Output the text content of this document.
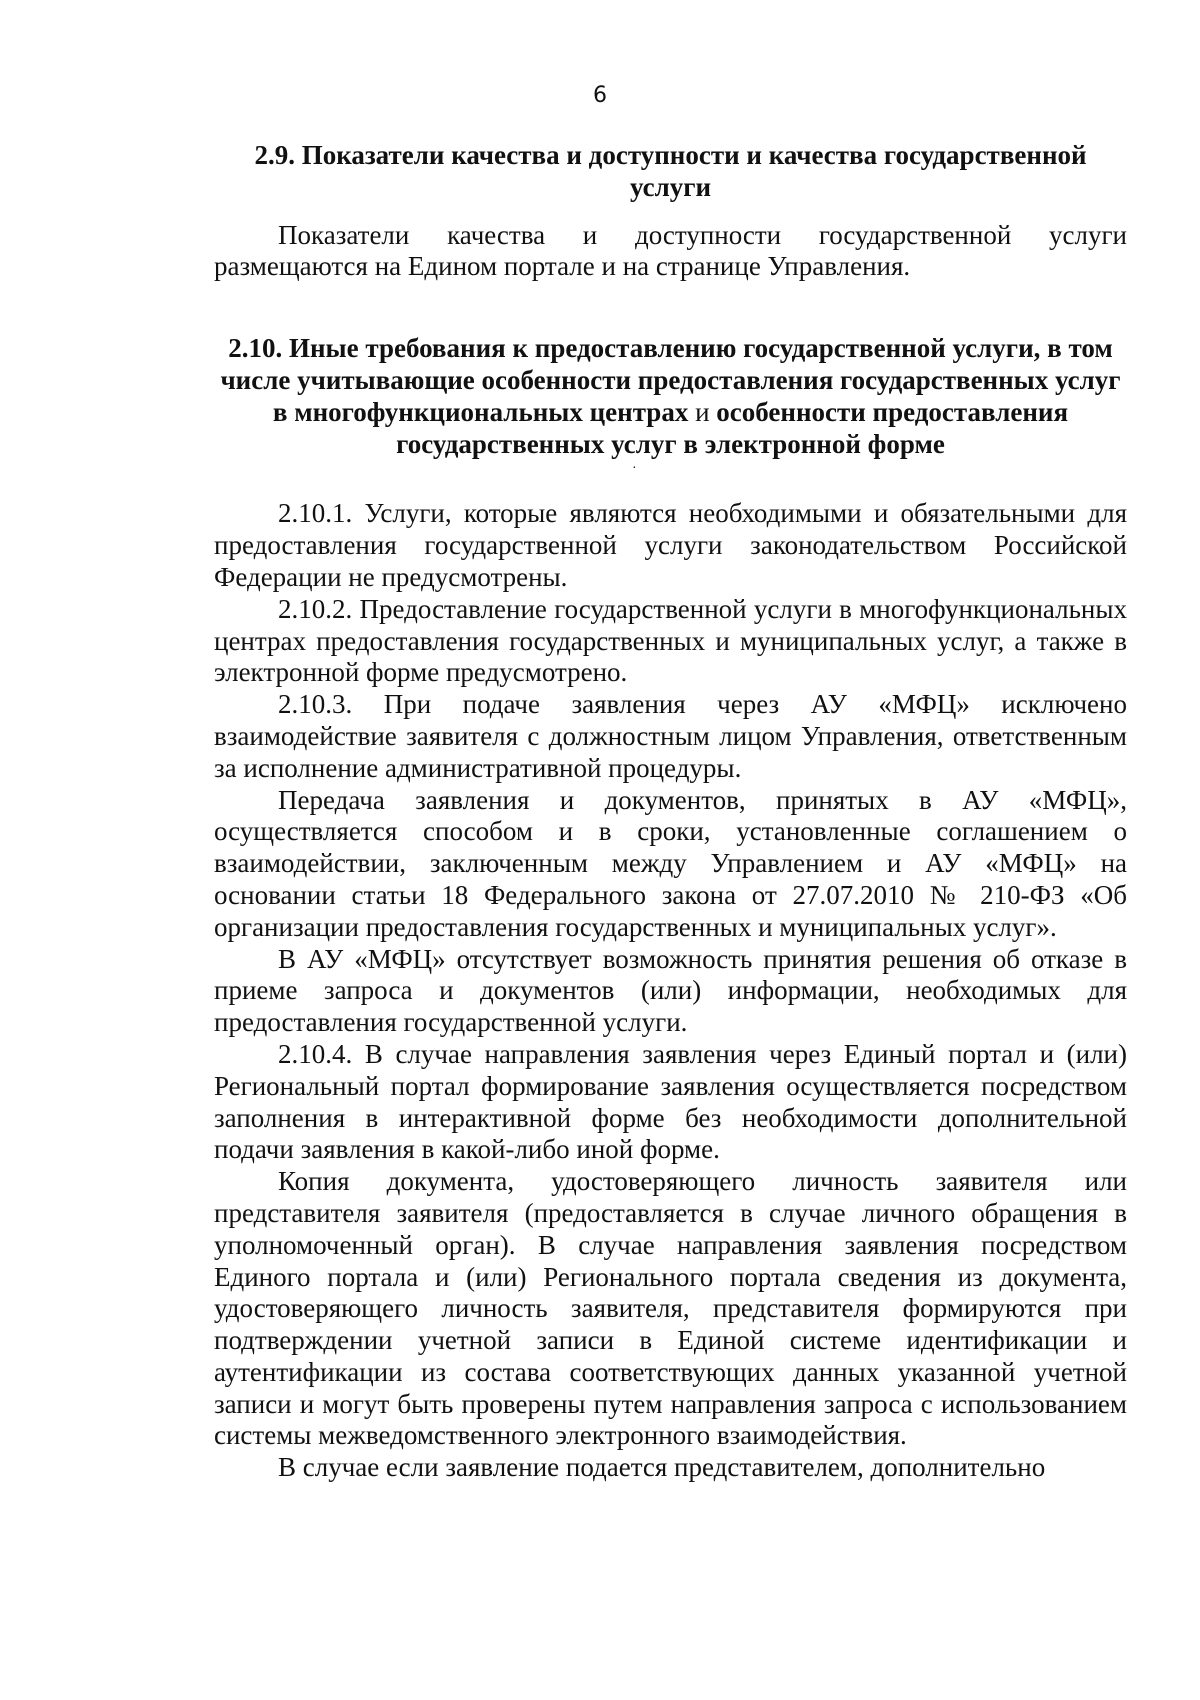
6
2.9. Показатели качества и доступности и качества государственной услуги

Показатели качества и доступности государственной услуги размещаются на Едином портале и на странице Управления.

2.10. Иные требования к предоставлению государственной услуги, в том числе учитывающие особенности предоставления государственных услуг в многофункциональных центрах и особенности предоставления государственных услуг в электронной форме
·

2.10.1. Услуги, которые являются необходимыми и обязательными для предоставления государственной услуги законодательством Российской Федерации не предусмотрены.

2.10.2. Предоставление государственной услуги в многофункциональных центрах предоставления государственных и муниципальных услуг, а также в электронной форме предусмотрено.

2.10.3. При подаче заявления через АУ «МФЦ» исключено взаимодействие заявителя с должностным лицом Управления, ответственным за исполнение административной процедуры.

Передача заявления и документов, принятых в АУ «МФЦ», осуществляется способом и в сроки, установленные соглашением о взаимодействии, заключенным между Управлением и АУ «МФЦ» на основании статьи 18 Федерального закона от 27.07.2010 № 210-ФЗ «Об организации предоставления государственных и муниципальных услуг».

В АУ «МФЦ» отсутствует возможность принятия решения об отказе в приеме запроса и документов (или) информации, необходимых для предоставления государственной услуги.

2.10.4. В случае направления заявления через Единый портал и (или) Региональный портал формирование заявления осуществляется посредством заполнения в интерактивной форме без необходимости дополнительной подачи заявления в какой-либо иной форме.

Копия документа, удостоверяющего личность заявителя или представителя заявителя (предоставляется в случае личного обращения в уполномоченный орган). В случае направления заявления посредством Единого портала и (или) Регионального портала сведения из документа, удостоверяющего личность заявителя, представителя формируются при подтверждении учетной записи в Единой системе идентификации и аутентификации из состава соответствующих данных указанной учетной записи и могут быть проверены путем направления запроса с использованием системы межведомственного электронного взаимодействия.

В случае если заявление подается представителем, дополнительно
